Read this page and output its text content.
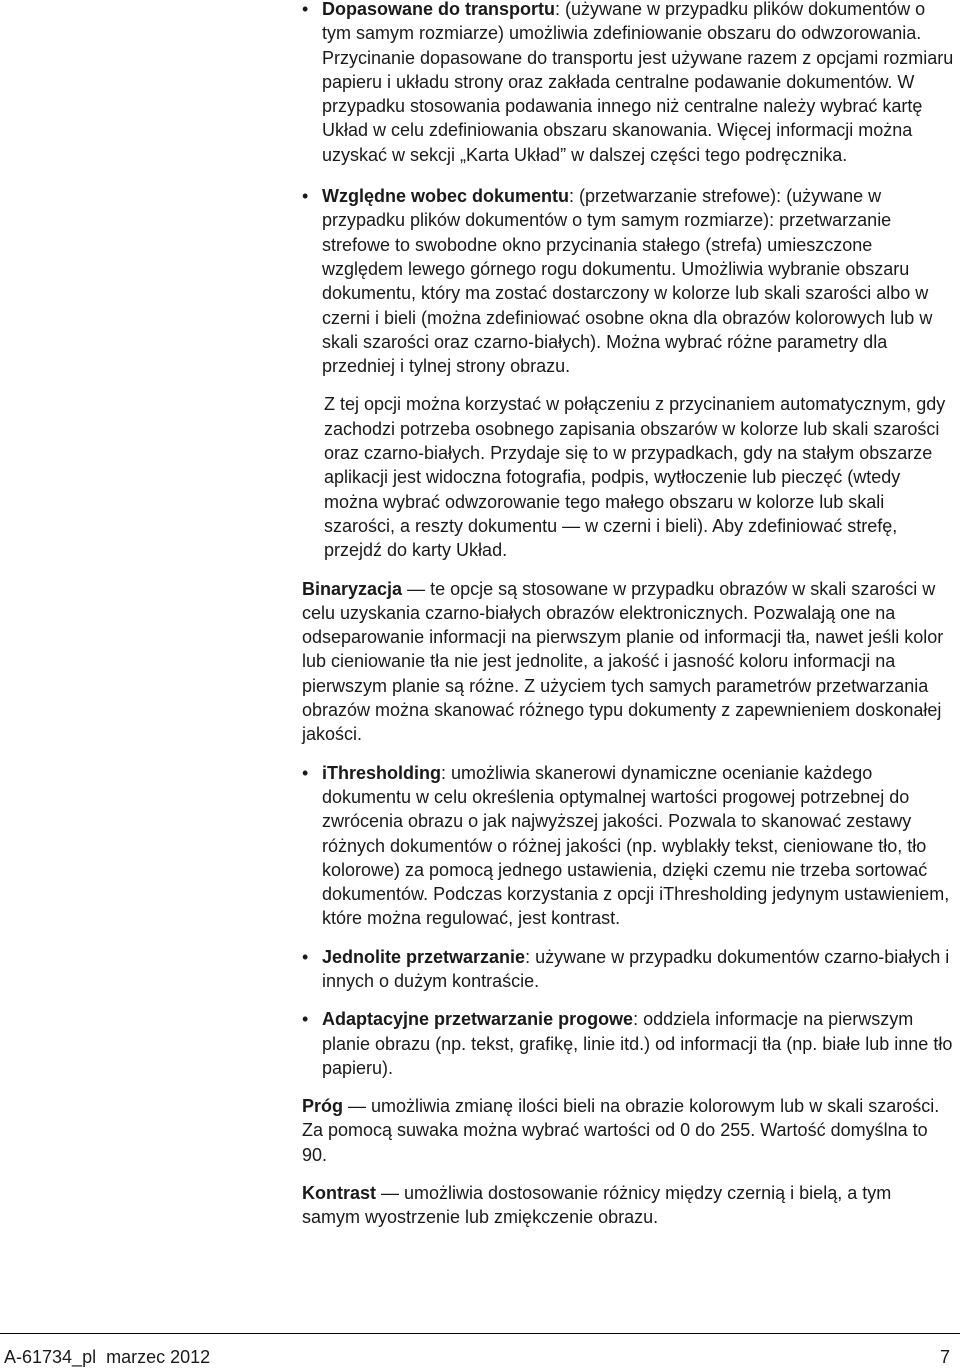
• Dopasowane do transportu: (używane w przypadku plików dokumentów o tym samym rozmiarze) umożliwia zdefiniowanie obszaru do odwzorowania. Przycinanie dopasowane do transportu jest używane razem z opcjami rozmiaru papieru i układu strony oraz zakłada centralne podawanie dokumentów. W przypadku stosowania podawania innego niż centralne należy wybrać kartę Układ w celu zdefiniowania obszaru skanowania. Więcej informacji można uzyskać w sekcji „Karta Układ” w dalszej części tego podręcznika.

• Względne wobec dokumentu: (przetwarzanie strefowe): (używane w przypadku plików dokumentów o tym samym rozmiarze): przetwarzanie strefowe to swobodne okno przycinania stałego (strefa) umieszczone względem lewego górnego rogu dokumentu. Umożliwia wybranie obszaru dokumentu, który ma zostać dostarczony w kolorze lub skali szarości albo w czerni i bieli (można zdefiniować osobne okna dla obrazów kolorowych lub w skali szarości oraz czarno-białych). Można wybrać różne parametry dla przedniej i tylnej strony obrazu.

Z tej opcji można korzystać w połączeniu z przycinaniem automatycznym, gdy zachodzi potrzeba osobnego zapisania obszarów w kolorze lub skali szarości oraz czarno-białych. Przydaje się to w przypadkach, gdy na stałym obszarze aplikacji jest widoczna fotografia, podpis, wytłoczenie lub pieczęć (wtedy można wybrać odwzorowanie tego małego obszaru w kolorze lub skali szarości, a reszty dokumentu — w czerni i bieli). Aby zdefiniować strefę, przejdź do karty Układ.

Binaryzacja — te opcje są stosowane w przypadku obrazów w skali szarości w celu uzyskania czarno-białych obrazów elektronicznych. Pozwalają one na odseparowanie informacji na pierwszym planie od informacji tła, nawet jeśli kolor lub cieniowanie tła nie jest jednolite, a jakość i jasność koloru informacji na pierwszym planie są różne. Z użyciem tych samych parametrów przetwarzania obrazów można skanować różnego typu dokumenty z zapewnieniem doskonałej jakości.

• iThresholding: umożliwia skanerowi dynamiczne ocenianie każdego dokumentu w celu określenia optymalnej wartości progowej potrzebnej do zwrócenia obrazu o jak najwyższej jakości. Pozwala to skanować zestawy różnych dokumentów o różnej jakości (np. wyblakły tekst, cieniowane tło, tło kolorowe) za pomocą jednego ustawienia, dzięki czemu nie trzeba sortować dokumentów. Podczas korzystania z opcji iThresholding jedynym ustawieniem, które można regulować, jest kontrast.

• Jednolite przetwarzanie: używane w przypadku dokumentów czarno-białych i innych o dużym kontraście.

• Adaptacyjne przetwarzanie progowe: oddziela informacje na pierwszym planie obrazu (np. tekst, grafikę, linie itd.) od informacji tła (np. białe lub inne tło papieru).

Próg — umożliwia zmianę ilości bieli na obrazie kolorowym lub w skali szarości. Za pomocą suwaka można wybrać wartości od 0 do 255. Wartość domyślna to 90.

Kontrast — umożliwia dostosowanie różnicy między czernią i bielą, a tym samym wyostrzenie lub zmiękczenie obrazu.

A-61734_pl  marzec 2012	7
